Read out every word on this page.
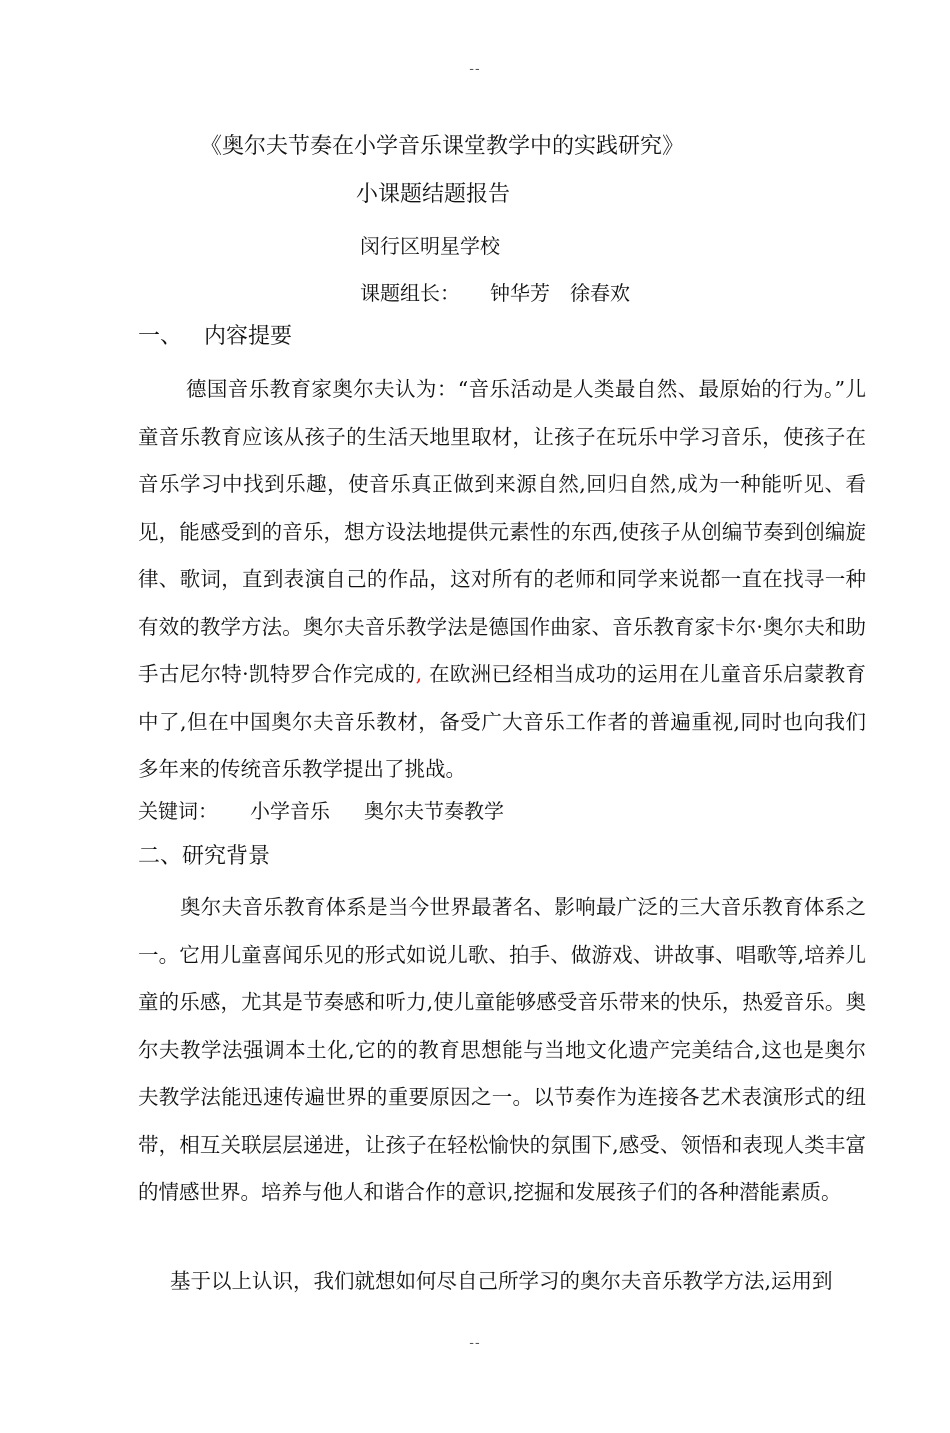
--
《奥尔夫节奏在小学音乐课堂教学中的实践研究》
小课题结题报告
闵行区明星学校
课题组长： 钟华芳 徐春欢
一、 内容提要
德国音乐教育家奥尔夫认为：“音乐活动是人类最自然、最原始的行为。”儿童音乐教育应该从孩子的生活天地里取材，让孩子在玩乐中学习音乐，使孩子在音乐学习中找到乐趣，使音乐真正做到来源自然,回归自然,成为一种能听见、看见，能感受到的音乐，想方设法地提供元素性的东西,使孩子从创编节奏到创编旋律、歌词，直到表演自己的作品，这对所有的老师和同学来说都一直在找寻一种有效的教学方法。奥尔夫音乐教学法是德国作曲家、音乐教育家卡尔·奥尔夫和助手古尼尔特·凯特罗合作完成的, 在欧洲已经相当成功的运用在儿童音乐启蒙教育中了,但在中国奥尔夫音乐教材，备受广大音乐工作者的普遍重视,同时也向我们多年来的传统音乐教学提出了挑战。
关键词： 小学音乐 奥尔夫节奏教学
二、研究背景
奥尔夫音乐教育体系是当今世界最著名、影响最广泛的三大音乐教育体系之一。它用儿童喜闻乐见的形式如说儿歌、拍手、做游戏、讲故事、唱歌等,培养儿童的乐感，尤其是节奏感和听力,使儿童能够感受音乐带来的快乐，热爱音乐。奥尔夫教学法强调本土化,它的的教育思想能与当地文化遗产完美结合,这也是奥尔夫教学法能迅速传遍世界的重要原因之一。以节奏作为连接各艺术表演形式的纽带，相互关联层层递进，让孩子在轻松愉快的氛围下,感受、领悟和表现人类丰富的情感世界。培养与他人和谐合作的意识,挖掘和发展孩子们的各种潜能素质。
基于以上认识，我们就想如何尽自己所学习的奥尔夫音乐教学方法,运用到
--
